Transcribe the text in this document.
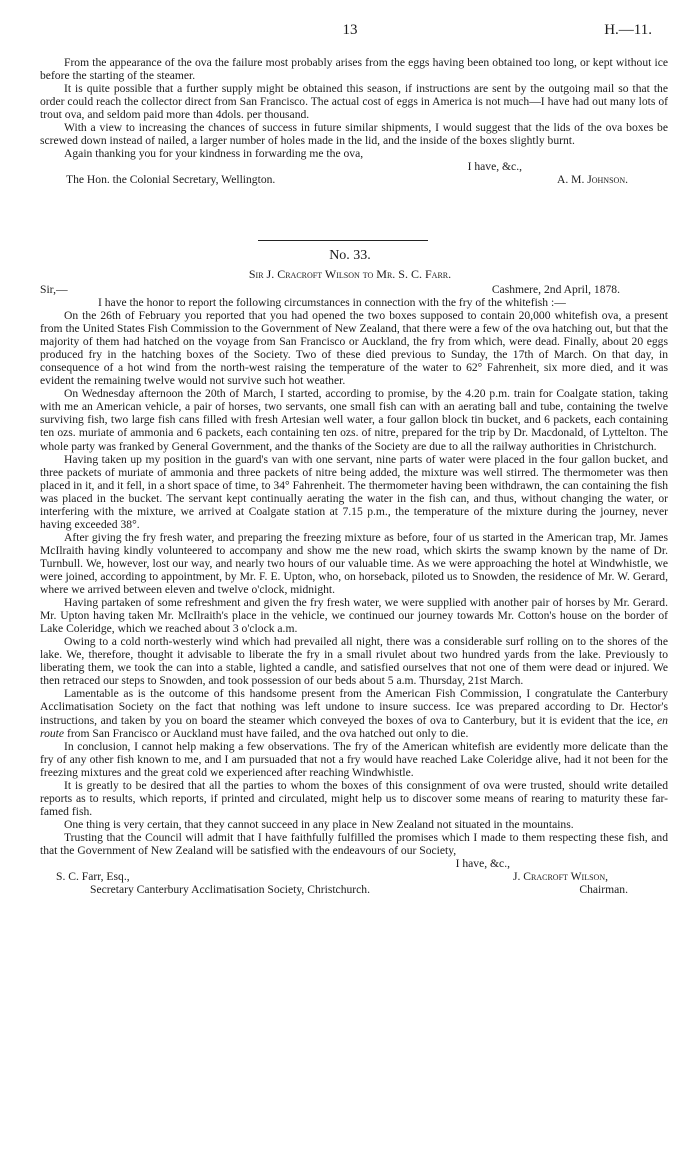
13	H.—11.

From the appearance of the ova the failure most probably arises from the eggs having been obtained too long, or kept without ice before the starting of the steamer.

It is quite possible that a further supply might be obtained this season, if instructions are sent by the outgoing mail so that the order could reach the collector direct from San Francisco. The actual cost of eggs in America is not much—I have had out many lots of trout ova, and seldom paid more than 4dols. per thousand.

With a view to increasing the chances of success in future similar shipments, I would suggest that the lids of the ova boxes be screwed down instead of nailed, a larger number of holes made in the lid, and the inside of the boxes slightly burnt.

Again thanking you for your kindness in forwarding me the ova,

I have, &c.,
The Hon. the Colonial Secretary, Wellington.	A. M. Johnson.
No. 33.
Sir J. Cracroft Wilson to Mr. S. C. Farr.
Sir,—	Cashmere, 2nd April, 1878.

I have the honor to report the following circumstances in connection with the fry of the whitefish :—

On the 26th of February you reported that you had opened the two boxes supposed to contain 20,000 whitefish ova, a present from the United States Fish Commission to the Government of New Zealand, that there were a few of the ova hatching out, but that the majority of them had hatched on the voyage from San Francisco or Auckland, the fry from which, were dead. Finally, about 20 eggs produced fry in the hatching boxes of the Society. Two of these died previous to Sunday, the 17th of March. On that day, in consequence of a hot wind from the north-west raising the temperature of the water to 62° Fahrenheit, six more died, and it was evident the remaining twelve would not survive such hot weather.

On Wednesday afternoon the 20th of March, I started, according to promise, by the 4.20 p.m. train for Coalgate station, taking with me an American vehicle, a pair of horses, two servants, one small fish can with an aerating ball and tube, containing the twelve surviving fish, two large fish cans filled with fresh Artesian well water, a four gallon block tin bucket, and 6 packets, each containing ten ozs. muriate of ammonia and 6 packets, each containing ten ozs. of nitre, prepared for the trip by Dr. Macdonald, of Lyttelton. The whole party was franked by General Government, and the thanks of the Society are due to all the railway authorities in Christchurch.

Having taken up my position in the guard's van with one servant, nine parts of water were placed in the four gallon bucket, and three packets of muriate of ammonia and three packets of nitre being added, the mixture was well stirred. The thermometer was then placed in it, and it fell, in a short space of time, to 34° Fahrenheit. The thermometer having been withdrawn, the can containing the fish was placed in the bucket. The servant kept continually aerating the water in the fish can, and thus, without changing the water, or interfering with the mixture, we arrived at Coalgate station at 7.15 p.m., the temperature of the mixture during the journey, never having exceeded 38°.

After giving the fry fresh water, and preparing the freezing mixture as before, four of us started in the American trap, Mr. James McIlraith having kindly volunteered to accompany and show me the new road, which skirts the swamp known by the name of Dr. Turnbull. We, however, lost our way, and nearly two hours of our valuable time. As we were approaching the hotel at Windwhistle, we were joined, according to appointment, by Mr. F. E. Upton, who, on horseback, piloted us to Snowden, the residence of Mr. W. Gerard, where we arrived between eleven and twelve o'clock, midnight.

Having partaken of some refreshment and given the fry fresh water, we were supplied with another pair of horses by Mr. Gerard. Mr. Upton having taken Mr. McIlraith's place in the vehicle, we continued our journey towards Mr. Cotton's house on the border of Lake Coleridge, which we reached about 3 o'clock a.m.

Owing to a cold north-westerly wind which had prevailed all night, there was a considerable surf rolling on to the shores of the lake. We, therefore, thought it advisable to liberate the fry in a small rivulet about two hundred yards from the lake. Previously to liberating them, we took the can into a stable, lighted a candle, and satisfied ourselves that not one of them were dead or injured. We then retraced our steps to Snowden, and took possession of our beds about 5 a.m. Thursday, 21st March.

Lamentable as is the outcome of this handsome present from the American Fish Commission, I congratulate the Canterbury Acclimatisation Society on the fact that nothing was left undone to insure success. Ice was prepared according to Dr. Hector's instructions, and taken by you on board the steamer which conveyed the boxes of ova to Canterbury, but it is evident that the ice, en route from San Francisco or Auckland must have failed, and the ova hatched out only to die.

In conclusion, I cannot help making a few observations. The fry of the American whitefish are evidently more delicate than the fry of any other fish known to me, and I am pursuaded that not a fry would have reached Lake Coleridge alive, had it not been for the freezing mixtures and the great cold we experienced after reaching Windwhistle.

It is greatly to be desired that all the parties to whom the boxes of this consignment of ova were trusted, should write detailed reports as to results, which reports, if printed and circulated, might help us to discover some means of rearing to maturity these far-famed fish.

One thing is very certain, that they cannot succeed in any place in New Zealand not situated in the mountains.

Trusting that the Council will admit that I have faithfully fulfilled the promises which I made to them respecting these fish, and that the Government of New Zealand will be satisfied with the endeavours of our Society,

I have, &c.,
S. C. Farr, Esq.,	J. Cracroft Wilson,
Secretary Canterbury Acclimatisation Society, Christchurch.	Chairman.
